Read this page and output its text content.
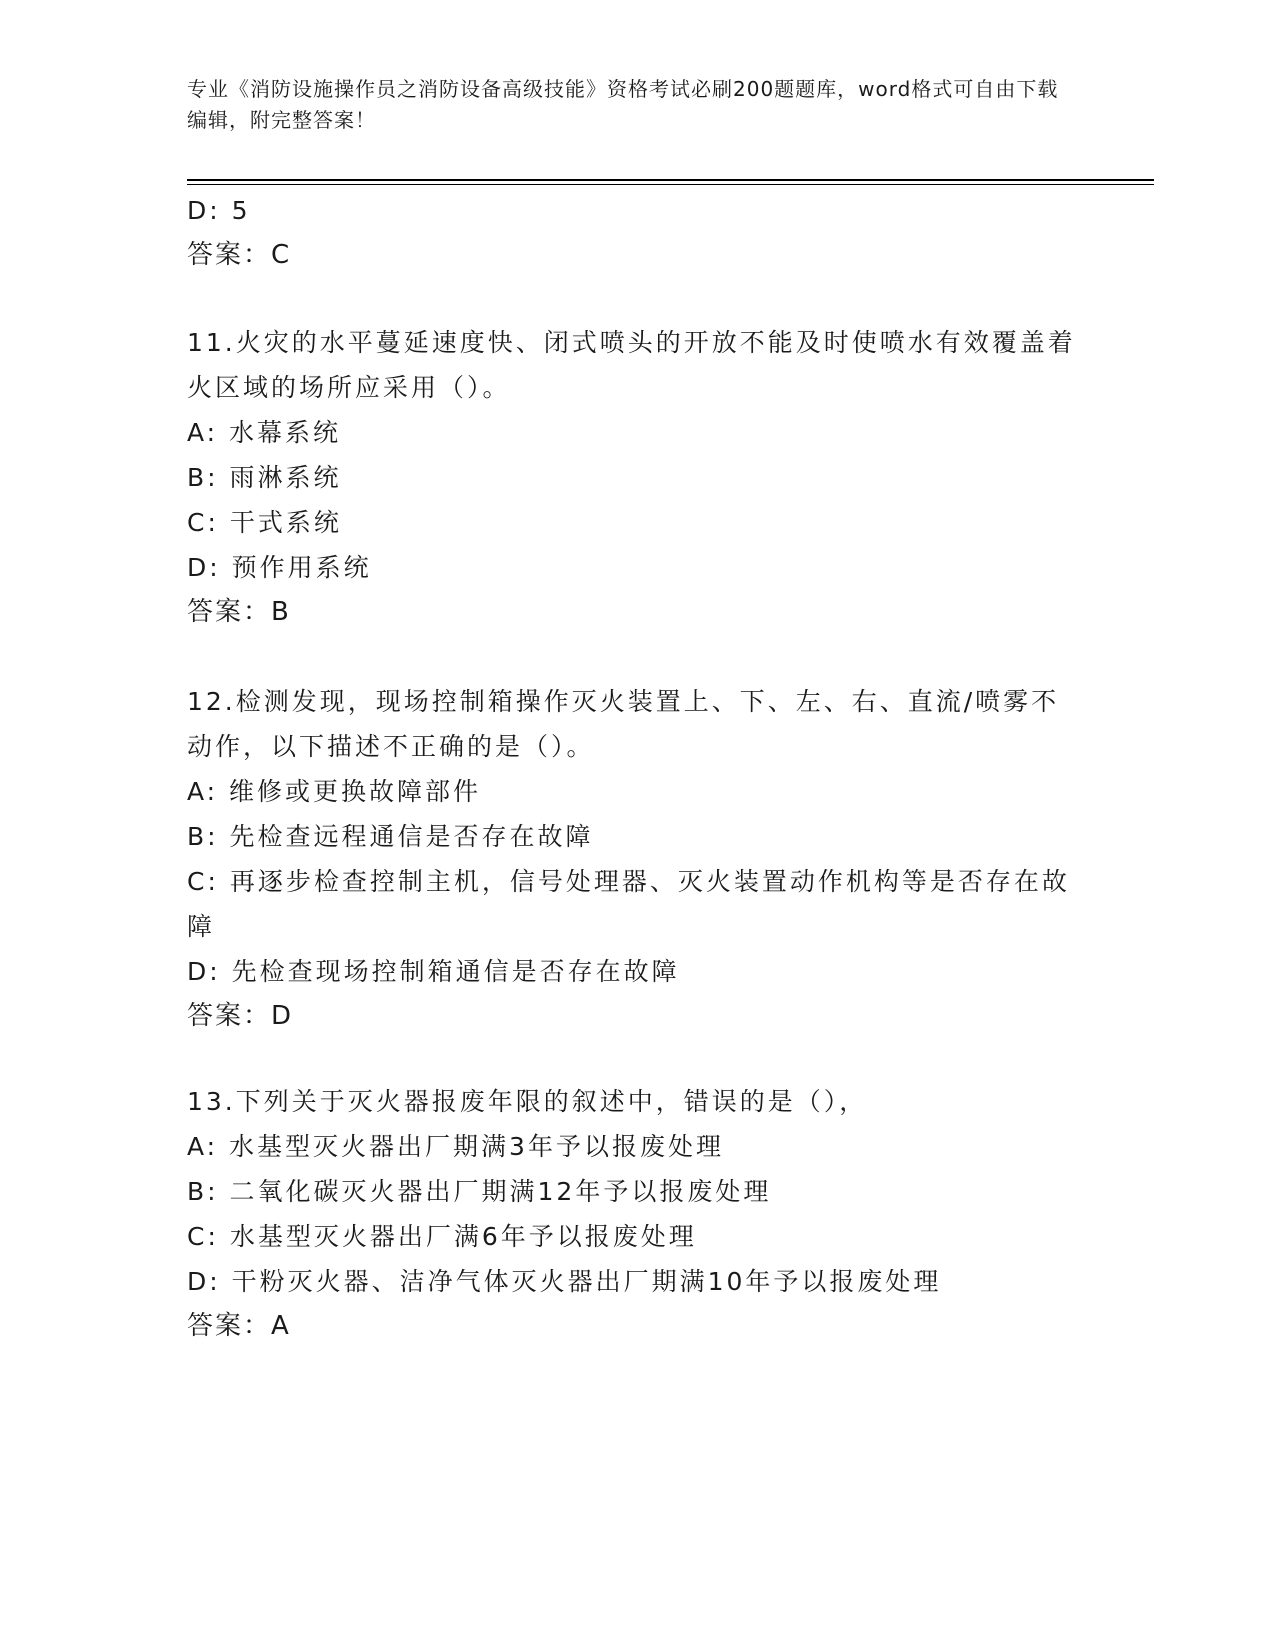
专业《消防设施操作员之消防设备高级技能》资格考试必刷200题题库，word格式可自由下载编辑，附完整答案！
D: 5
答案：C
11.火灾的水平蔓延速度快、闭式喷头的开放不能及时使喷水有效覆盖着火区域的场所应采用（）。
A: 水幕系统
B: 雨淋系统
C: 干式系统
D: 预作用系统
答案：B
12.检测发现，现场控制箱操作灭火装置上、下、左、右、直流/喷雾不动作，以下描述不正确的是（）。
A: 维修或更换故障部件
B: 先检查远程通信是否存在故障
C: 再逐步检查控制主机，信号处理器、灭火装置动作机构等是否存在故障
D: 先检查现场控制箱通信是否存在故障
答案：D
13.下列关于灭火器报废年限的叙述中，错误的是（），
A: 水基型灭火器出厂期满3年予以报废处理
B: 二氧化碳灭火器出厂期满12年予以报废处理
C: 水基型灭火器出厂满6年予以报废处理
D: 干粉灭火器、洁净气体灭火器出厂期满10年予以报废处理
答案：A
